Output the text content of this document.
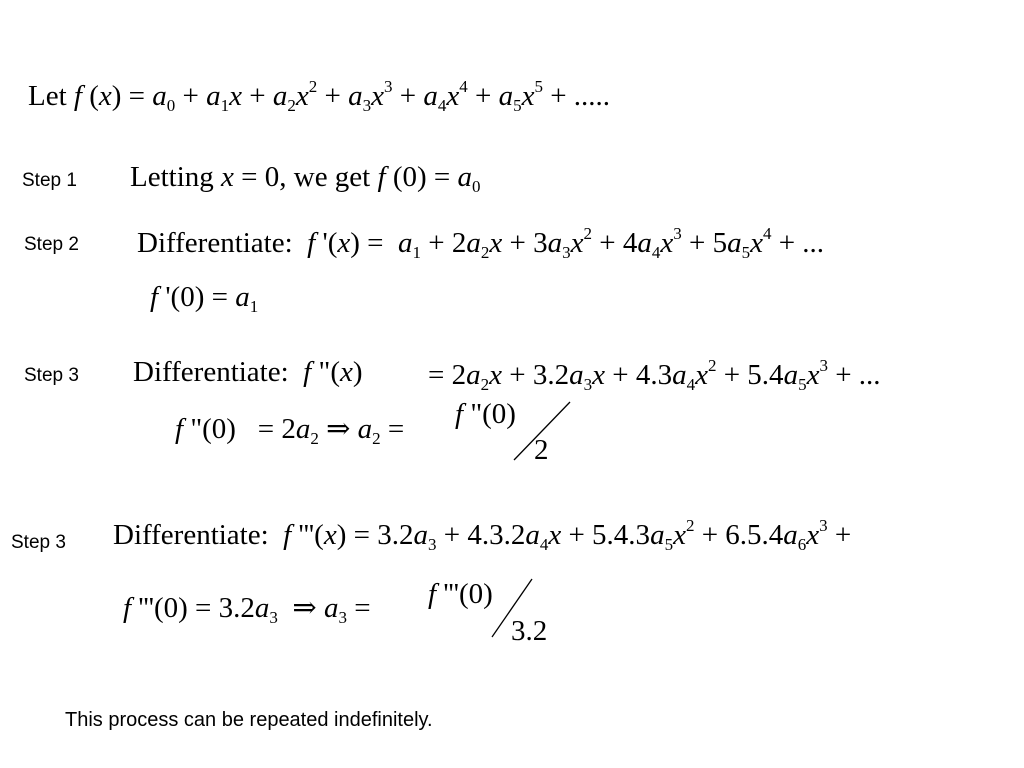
Let f $(x) = a_0 + a_1x + a_2x^2 + a_3x^3 + a_4x^4 + a_5x^5$ + .....
Step 1 Letting x = 0, we get f $(0) = a_0$
Step 2 Differentiate:  f '$(x) = a_1 + 2a_2x + 3a_3x^2 + 4a_4x^3 + 5a_5x^4$ + ...
f '$(0) = a_1$
Step 3 Differentiate:  f "$(x) = 2a_2x + 3.2a_3x + 4.3a_4x^2 + 5.4a_5x^3$ + ...
f "$(0) = 2a_2$ ⇒ $a_2 = f$ "(0)
2
Step 3 Differentiate:  f '''$(x) = 3.2a_3 + 4.3.2a_4x + 5.4.3a_5x^2 + 6.5.4a_6x^3$ +
f '''$(0) = 3.2a_3$  ⇒ $a_3 = f$ '''(0)
3.2
This process can be repeated indefinitely.
